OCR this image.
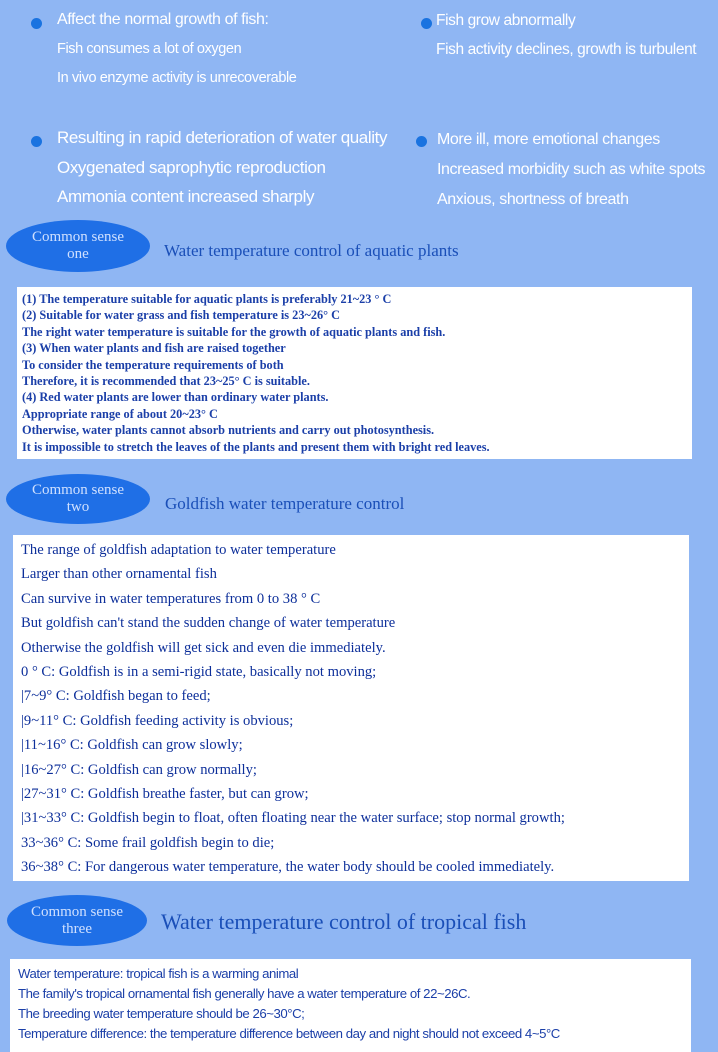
Affect the normal growth of fish:
Fish consumes a lot of oxygen
In vivo enzyme activity is unrecoverable
Fish grow abnormally
Fish activity declines, growth is turbulent
Resulting in rapid deterioration of water quality
Oxygenated saprophytic reproduction
Ammonia content increased sharply
More ill, more emotional changes
Increased morbidity such as white spots
Anxious, shortness of breath
Common sense
one	Water temperature control of aquatic plants
(1) The temperature suitable for aquatic plants is preferably 21~23 ° C
(2) Suitable for water grass and fish temperature is 23~26° C
The right water temperature is suitable for the growth of aquatic plants and fish.
(3) When water plants and fish are raised together
To consider the temperature requirements of both
Therefore, it is recommended that 23~25° C is suitable.
(4) Red water plants are lower than ordinary water plants.
Appropriate range of about 20~23° C
Otherwise, water plants cannot absorb nutrients and carry out photosynthesis.
It is impossible to stretch the leaves of the plants and present them with bright red leaves.
Common sense
two	Goldfish water temperature control
The range of goldfish adaptation to water temperature
Larger than other ornamental fish
Can survive in water temperatures from 0 to 38 ° C
But goldfish can't stand the sudden change of water temperature
Otherwise the goldfish will get sick and even die immediately.
0 ° C: Goldfish is in a semi-rigid state, basically not moving;
|7~9° C: Goldfish began to feed;
|9~11° C: Goldfish feeding activity is obvious;
|11~16° C: Goldfish can grow slowly;
|16~27° C: Goldfish can grow normally;
|27~31° C: Goldfish breathe faster, but can grow;
|31~33° C: Goldfish begin to float, often floating near the water surface; stop normal growth;
33~36° C: Some frail goldfish begin to die;
36~38° C: For dangerous water temperature, the water body should be cooled immediately.
Common sense
three	Water temperature control of tropical fish
Water temperature: tropical fish is a warming animal
The family's tropical ornamental fish generally have a water temperature of 22~26C.
The breeding water temperature should be 26~30°C;
Temperature difference: the temperature difference between day and night should not exceed 4~5°C
